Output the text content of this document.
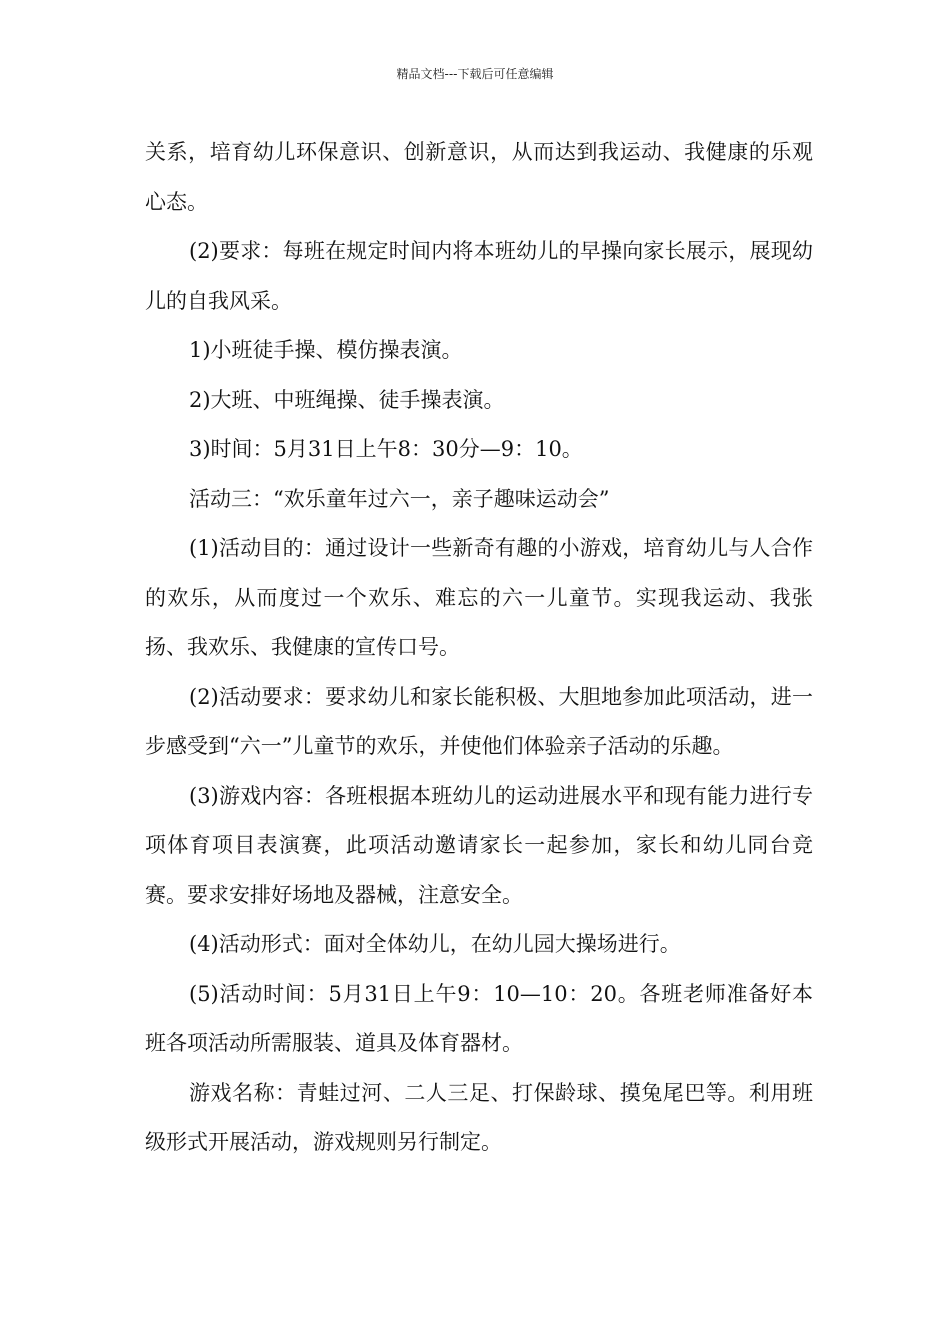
精品文档---下载后可任意编辑

关系，培育幼儿环保意识、创新意识，从而达到我运动、我健康的乐观心态。

(2)要求：每班在规定时间内将本班幼儿的早操向家长展示，展现幼儿的自我风采。

1)小班徒手操、模仿操表演。

2)大班、中班绳操、徒手操表演。

3)时间：5月31日上午8：30分—9：10。

活动三：“欢乐童年过六一，亲子趣味运动会”

(1)活动目的：通过设计一些新奇有趣的小游戏，培育幼儿与人合作的欢乐，从而度过一个欢乐、难忘的六一儿童节。实现我运动、我张扬、我欢乐、我健康的宣传口号。

(2)活动要求：要求幼儿和家长能积极、大胆地参加此项活动，进一步感受到“六一”儿童节的欢乐，并使他们体验亲子活动的乐趣。

(3)游戏内容：各班根据本班幼儿的运动进展水平和现有能力进行专项体育项目表演赛，此项活动邀请家长一起参加，家长和幼儿同台竞赛。要求安排好场地及器械，注意安全。

(4)活动形式：面对全体幼儿，在幼儿园大操场进行。

(5)活动时间：5月31日上午9：10—10：20。各班老师准备好本班各项活动所需服装、道具及体育器材。

游戏名称：青蛙过河、二人三足、打保龄球、摸兔尾巴等。利用班级形式开展活动，游戏规则另行制定。
